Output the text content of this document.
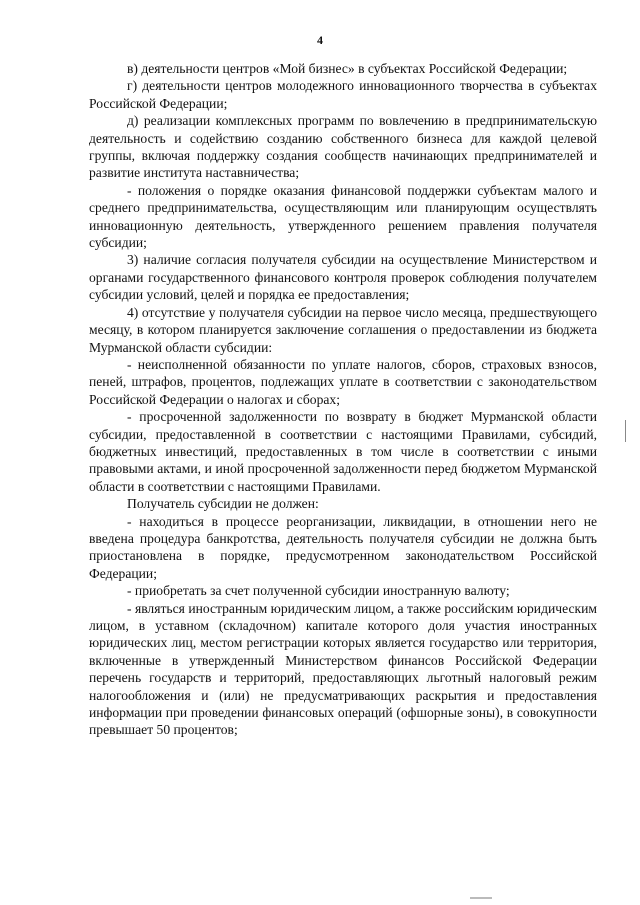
4

в) деятельности центров «Мой бизнес» в субъектах Российской Федерации;

г) деятельности центров молодежного инновационного творчества в субъектах Российской Федерации;

д) реализации комплексных программ по вовлечению в предпринимательскую деятельность и содействию созданию собственного бизнеса для каждой целевой группы, включая поддержку создания сообществ начинающих предпринимателей и развитие института наставничества;

- положения о порядке оказания финансовой поддержки субъектам малого и среднего предпринимательства, осуществляющим или планирующим осуществлять инновационную деятельность, утвержденного решением правления получателя субсидии;

3) наличие согласия получателя субсидии на осуществление Министерством и органами государственного финансового контроля проверок соблюдения получателем субсидии условий, целей и порядка ее предоставления;

4) отсутствие у получателя субсидии на первое число месяца, предшествующего месяцу, в котором планируется заключение соглашения о предоставлении из бюджета Мурманской области субсидии:

- неисполненной обязанности по уплате налогов, сборов, страховых взносов, пеней, штрафов, процентов, подлежащих уплате в соответствии с законодательством Российской Федерации о налогах и сборах;

- просроченной задолженности по возврату в бюджет Мурманской области субсидии, предоставленной в соответствии с настоящими Правилами, субсидий, бюджетных инвестиций, предоставленных в том числе в соответствии с иными правовыми актами, и иной просроченной задолженности перед бюджетом Мурманской области в соответствии с настоящими Правилами.

Получатель субсидии не должен:

- находиться в процессе реорганизации, ликвидации, в отношении него не введена процедура банкротства, деятельность получателя субсидии не должна быть приостановлена в порядке, предусмотренном законодательством Российской Федерации;

- приобретать за счет полученной субсидии иностранную валюту;

- являться иностранным юридическим лицом, а также российским юридическим лицом, в уставном (складочном) капитале которого доля участия иностранных юридических лиц, местом регистрации которых является государство или территория, включенные в утвержденный Министерством финансов Российской Федерации перечень государств и территорий, предоставляющих льготный налоговый режим налогообложения и (или) не предусматривающих раскрытия и предоставления информации при проведении финансовых операций (офшорные зоны), в совокупности превышает 50 процентов;
